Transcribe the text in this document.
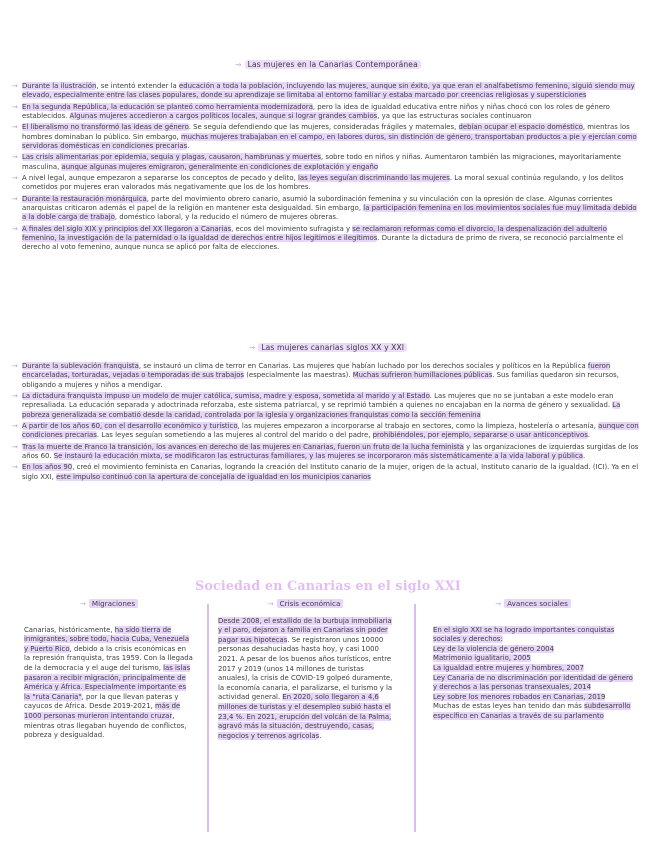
⇝ Las mujeres en la Canarias Contemporánea
⇝ Durante la ilustración, se intentó extender la educación a toda la población, incluyendo las mujeres, aunque sin éxito, ya que eran el analfabetismo femenino, siguió siendo muy elevado, especialmente entre las clases populares, donde su aprendizaje se limitaba al entorno familiar y estaba marcado por creencias religiosas y supersticiones
⇝ En la segunda República, la educación se planteó como herramienta modernizadora, pero la idea de igualdad educativa entre niños y niñas chocó con los roles de género establecidos. Algunas mujeres accedieron a cargos políticos locales, aunque si lograr grandes cambios, ya que las estructuras sociales continuaron
⇝ El liberalismo no transformó las ideas de género. Se seguía defendiendo que las mujeres, consideradas frágiles y maternales, debían ocupar el espacio doméstico, mientras los hombres dominaban lo público. Sin embargo, muchas mujeres trabajaban en el campo, en labores duros, sin distinción de género, transportaban productos a pie y ejercían como servidoras domésticas en condiciones precarias.
⇝ Las crisis alimentarias por epidemia, sequía y plagas, causaron, hambrunas y muertes, sobre todo en niños y niñas. Aumentaron también las migraciones, mayoritariamente masculina, aunque algunas mujeres emigraron, generalmente en condiciones de explotación y engaño
⇝ A nivel legal, aunque empezaron a separarse los conceptos de pecado y delito, las leyes seguían discriminando las mujeres. La moral sexual continúa regulando, y los delitos cometidos por mujeres eran valorados más negativamente que los de los hombres.
⇝ Durante la restauración monárquica, parte del movimiento obrero canario, asumió la subordinación femenina y su vinculación con la opresión de clase. Algunas corrientes anarquistas criticaron además el papel de la religión en mantener esta desigualdad. Sin embargo, la participación femenina en los movimientos sociales fue muy limitada debido a la doble carga de trabajo, doméstico laboral, y la reducido el número de mujeres obreras.
⇝ A finales del siglo XIX y principios del XX llegaron a Canarias, ecos del movimiento sufragista y se reclamaron reformas como el divorcio, la despenalización del adulterio femenino, la investigación de la paternidad o la igualdad de derechos entre hijos legítimos e ilegítimos. Durante la dictadura de primo de rivera, se reconoció parcialmente el derecho al voto femenino, aunque nunca se aplicó por falta de elecciones.
⇝ Las mujeres canarias siglos XX y XXI
⇝ Durante la sublevación franquista, se instauró un clima de terror en Canarias. Las mujeres que habían luchado por los derechos sociales y políticos en la República fueron encarceladas, torturadas, vejadas o temporadas de sus trabajos (especialmente las maestras). Muchas sufrieron humillaciones públicas. Sus familias quedaron sin recursos, obligando a mujeres y niños a mendigar.
⇝ La dictadura franquista impuso un modelo de mujer católica, sumisa, madre y esposa, sometida al marido y al Estado. Las mujeres que no se juntaban a este modelo eran represaliada. La educación separada y adoctrinada reforzaba, este sistema patriarcal, y se reprimió también a quienes no encajaban en la norma de género y sexualidad. La pobreza generalizada se combatió desde la caridad, controlada por la iglesia y organizaciones franquistas como la sección femenina
⇝ A partir de los años 60, con el desarrollo económico y turístico, las mujeres empezaron a incorporarse al trabajo en sectores, como la limpieza, hostelería o artesanía, aunque con condiciones precarias. Las leyes seguían sometiendo a las mujeres al control del marido o del padre, prohibiéndoles, por ejemplo, separarse o usar anticonceptivos.
⇝ Tras la muerte de Franco la transición, los avances en derecho de las mujeres en Canarias, fueron un fruto de la lucha feminista y las organizaciones de izquierdas surgidas de los años 60. Se instauró la educación mixta, se modificaron las estructuras familiares, y las mujeres se incorporaron más sistemáticamente a la vida laboral y pública.
⇝ En los años 90, creó el movimiento feminista en Canarias, logrando la creación del Instituto canario de la mujer, origen de la actual, Instituto canario de la igualdad. (ICI). Ya en el siglo XXI, este impulso continuó con la apertura de concejalía de igualdad en los municipios canarios
Sociedad en Canarias en el siglo XXI
⇝ Migraciones
Canarias, históricamente, ha sido tierra de inmigrantes, sobre todo, hacia Cuba, Venezuela y Puerto Rico, debido a la crisis económicas en la represión franquista, tras 1959. Con la llegada de la democracia y el auge del turismo, las islas pasaron a recibir migración, principalmente de América y África. Especialmente importante es la "ruta Canaria", por la que llevan pateras y cayucos de África. Desde 2019-2021, más de 1000 personas murieron intentando cruzar, mientras otras llegaban huyendo de conflictos, pobreza y desigualdad.
⇝ Crisis económica
Desde 2008, el estallido de la burbuja inmobiliaria y el paro, dejaron a familia en Canarias sin poder pagar sus hipotecas. Se registraron unos 10000 personas desahuciadas hasta hoy, y casi 1000 2021. A pesar de los buenos años turísticos, entre 2017 y 2019 (unos 14 millones de turistas anuales), la crisis de COVID-19 golpeó duramente, la economía canaria, el paralizarse, el turismo y la actividad general. En 2020, solo llegaron a 4,6 millones de turistas y el desempleo subió hasta el 23,4 %. En 2021, erupción del volcán de la Palma, agravó más la situación, destruyendo, casas, negocios y terrenos agrícolas.
⇝ Avances sociales
En el siglo XXI se ha logrado importantes conquistas sociales y derechos:
Ley de la violencia de género 2004
Matrimonio igualitario, 2005
La igualdad entre mujeres y hombres, 2007
Ley Canaria de no discriminación por identidad de género y derechos a las personas transexuales, 2014
Ley sobre los menores robados en Canarias, 2019
Muchas de estas leyes han tenido dan más subdesarrollo específico en Canarias a través de su parlamento
